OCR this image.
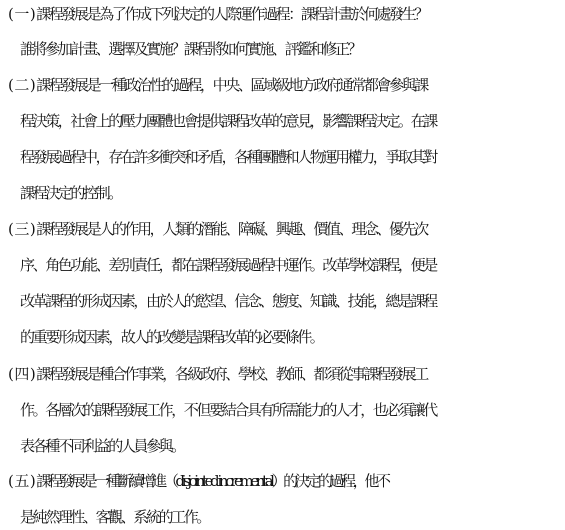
(一)課程發展是為了作成下列決定的人際運作過程：課程計畫於何處發生？
誰將參加計畫、選擇及實施？課程將如何實施、評鑑和修正？
(二)課程發展是一種政治性的過程，中央、區域級地方政府通常都會參與課
程決策，社會上的壓力團體也會提供課程改革的意見，影響課程決定。在課
程發展過程中，存在許多衝突和矛盾，各種團體和人物運用權力，爭取其對
課程決定的控制。
(三)課程發展是人的作用，人類的潛能、障礙、興趣、價值、理念、優先次
序、角色功能、差別責任，都在課程發展過程中運作。改革學校課程，便是
改革課程的形成因素，由於人的慾望、信念、態度、知識、技能，總是課程
的重要形成因素，故人的改變是課程改革的必要條件。
(四)課程發展是種合作事業，各級政府、學校、教師、都須從事課程發展工
作。各層次的課程發展工作，不但要結合具有所需能力的人才，也必須讓代
表各種不同利益的人員參與。
(五)課程發展是一種斷續增進（disjointed incremental）的決定的過程，他不
是純然理性、客觀、系統的工作。
